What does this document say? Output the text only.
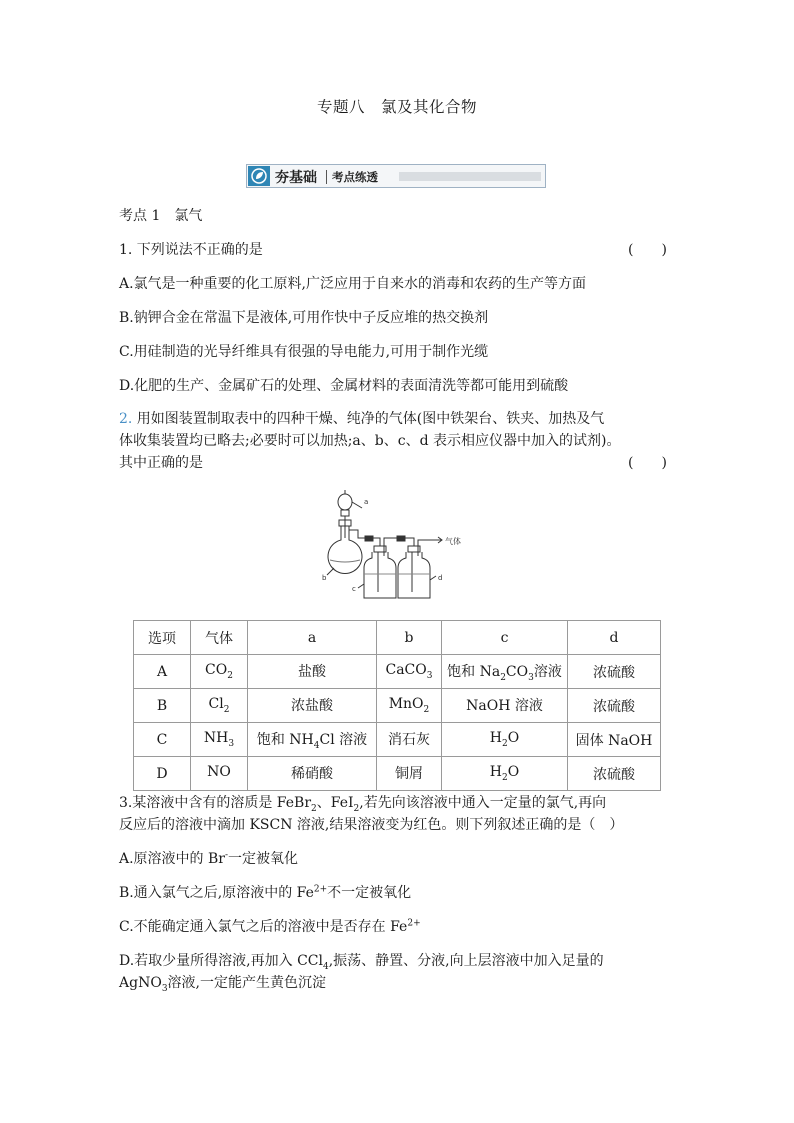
专题八　氯及其化合物
夯基础 考点练透
考点 1　氯气
1. 下列说法不正确的是	(　　)
A.氯气是一种重要的化工原料,广泛应用于自来水的消毒和农药的生产等方面
B.钠钾合金在常温下是液体,可用作快中子反应堆的热交换剂
C.用硅制造的光导纤维具有很强的导电能力,可用于制作光缆
D.化肥的生产、金属矿石的处理、金属材料的表面清洗等都可能用到硫酸
2. 用如图装置制取表中的四种干燥、纯净的气体(图中铁架台、铁夹、加热及气
体收集装置均已略去;必要时可以加热;a、b、c、d 表示相应仪器中加入的试剂)。
其中正确的是	(　　)
a
b
c
d
气体
选项	气体	a	b	c	d
A	$CO_2$	盐酸	CaCO$_3$	饱和 $Na_2CO_3$溶液	浓硫酸
B	$Cl_2$	浓盐酸	MnO$_2$	NaOH 溶液	浓硫酸
C	$NH_3$	饱和 $NH_4Cl$ 溶液	消石灰	$H_2O$	固体 NaOH
D	NO	稀硝酸	铜屑	$H_2O$	浓硫酸
3.某溶液中含有的溶质是 FeBr$_2$、FeI$_2$,若先向该溶液中通入一定量的氯气,再向
反应后的溶液中滴加 KSCN 溶液,结果溶液变为红色。则下列叙述正确的是（　）
A.原溶液中的 Br-一定被氧化
B.通入氯气之后,原溶液中的 $Fe^{2+}$不一定被氧化
C.不能确定通入氯气之后的溶液中是否存在 $Fe^{2+}$
D.若取少量所得溶液,再加入 CCl$_4$,振荡、静置、分液,向上层溶液中加入足量的
AgNO$_3$溶液,一定能产生黄色沉淀
